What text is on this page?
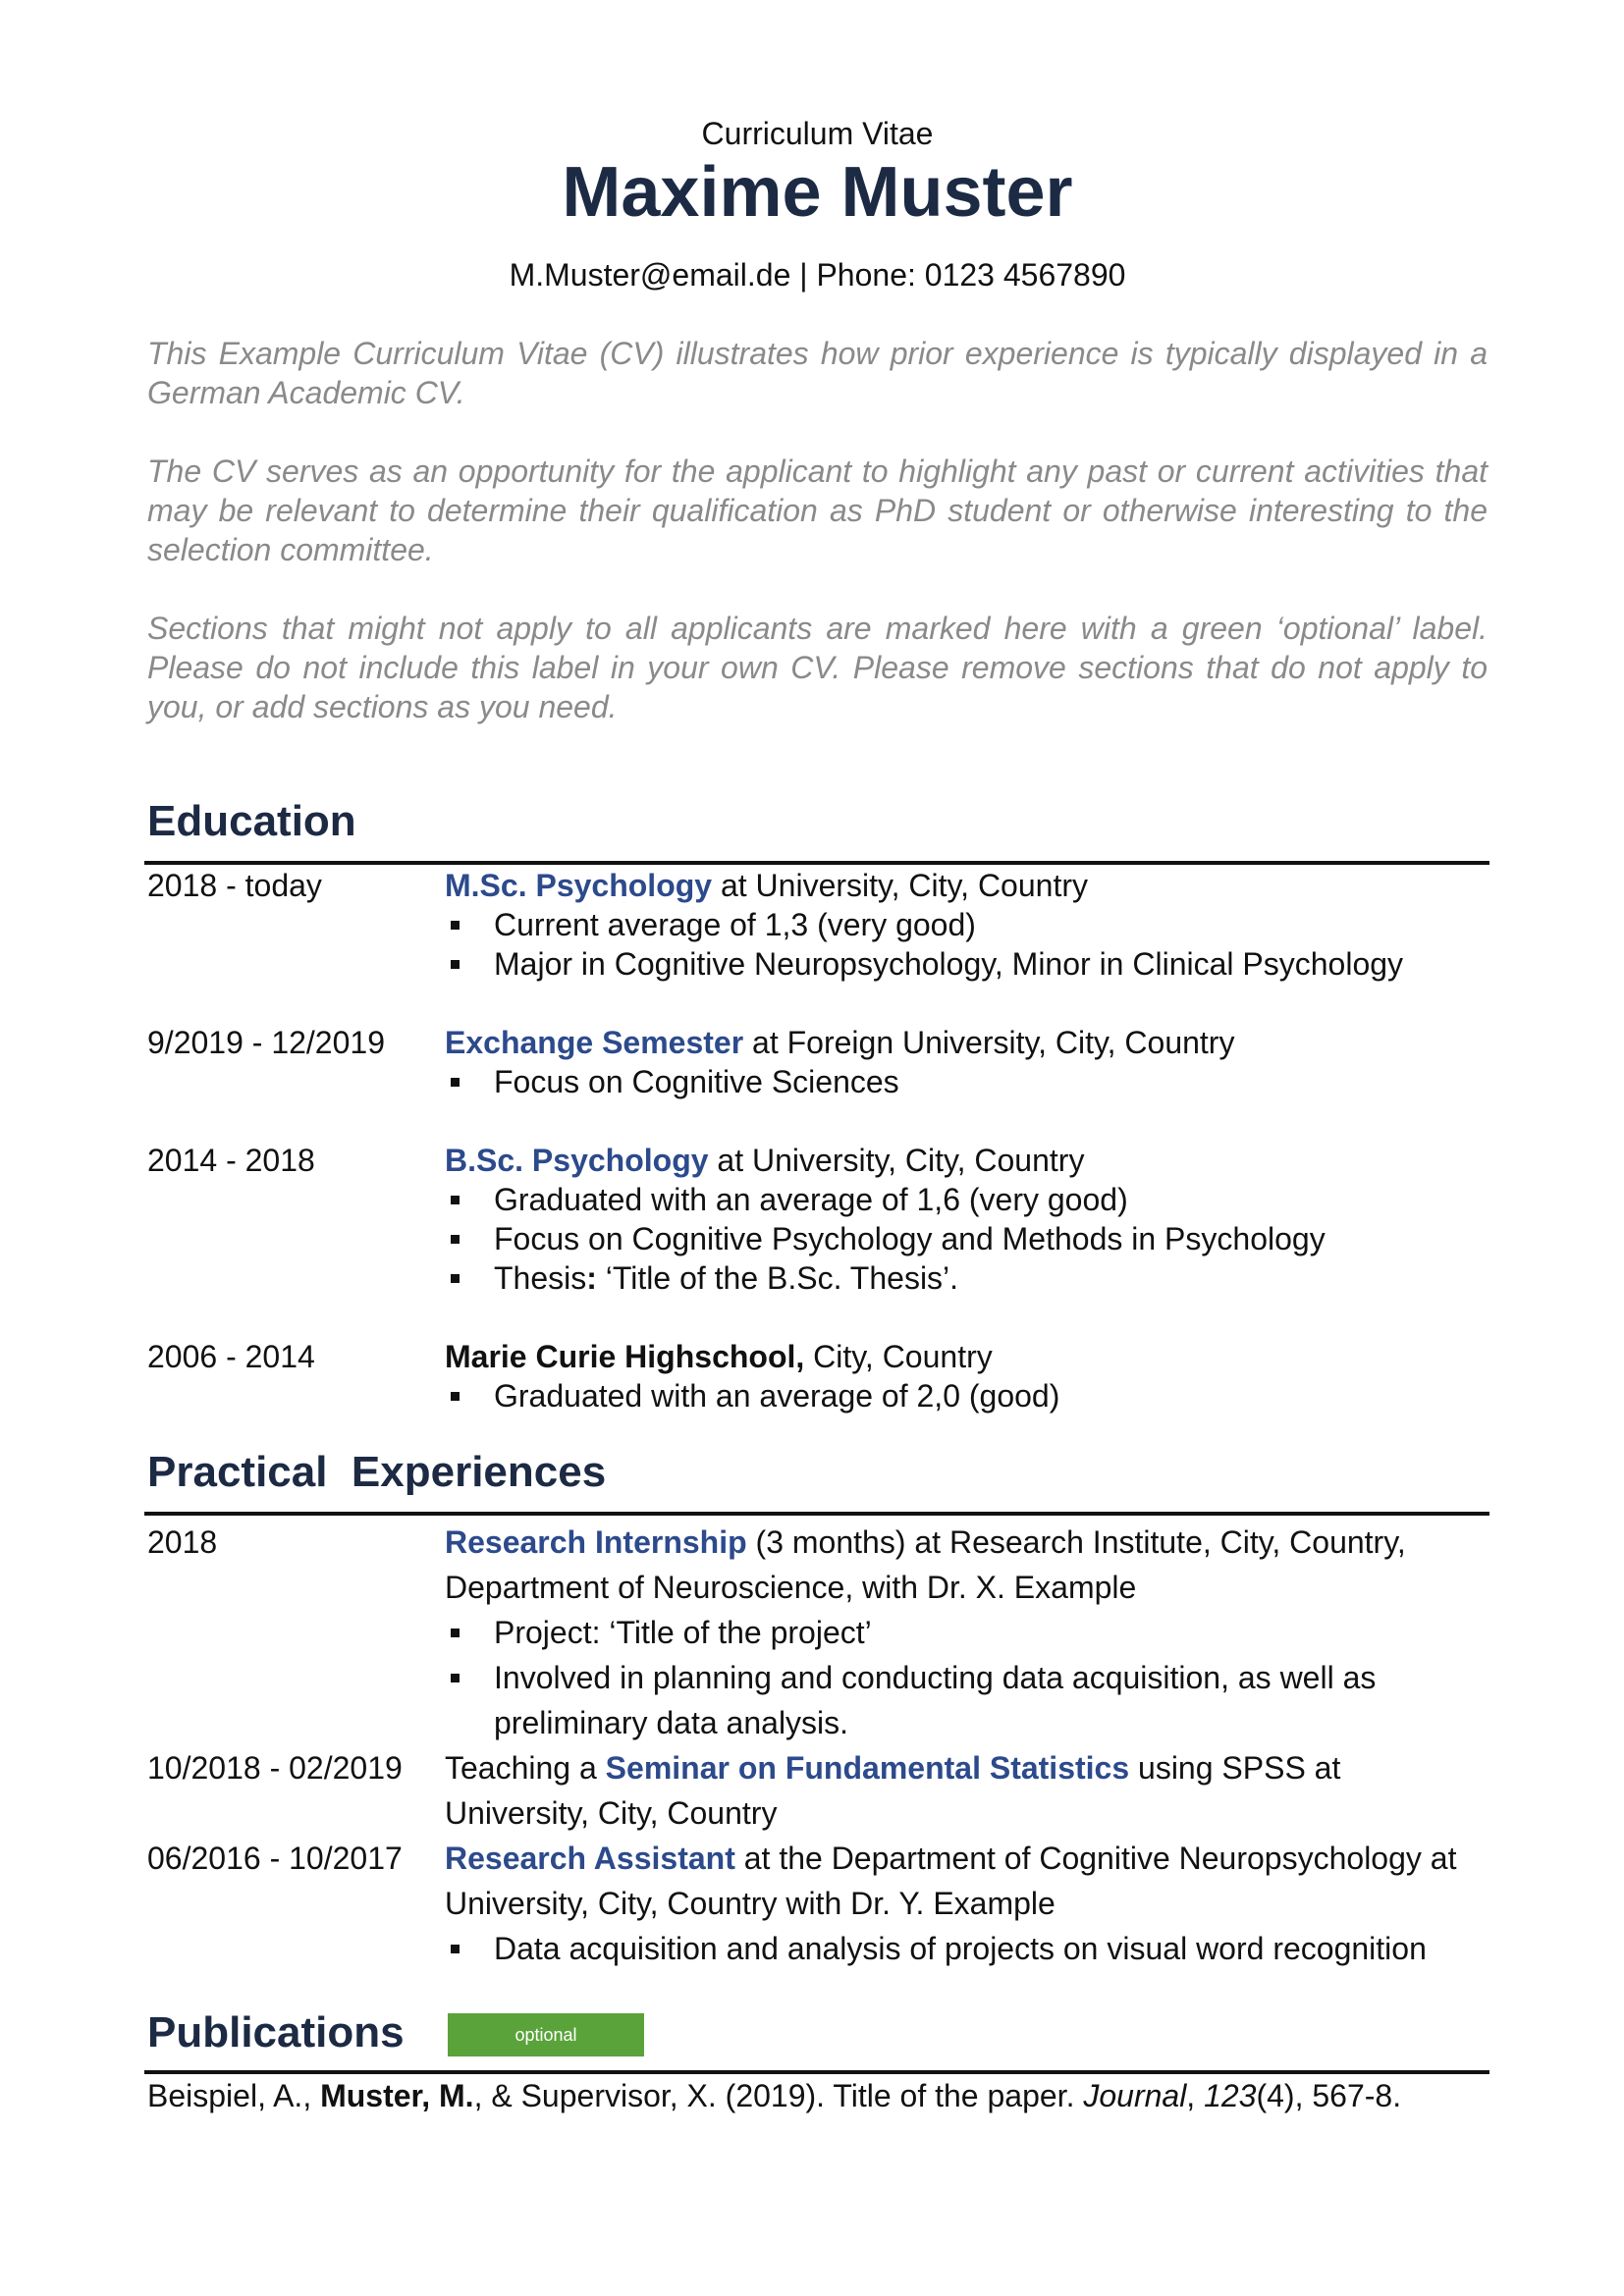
Curriculum Vitae
Maxime Muster
M.Muster@email.de | Phone: 0123 4567890
This Example Curriculum Vitae (CV) illustrates how prior experience is typically displayed in a German Academic CV.
The CV serves as an opportunity for the applicant to highlight any past or current activities that may be relevant to determine their qualification as PhD student or otherwise interesting to the selection committee.
Sections that might not apply to all applicants are marked here with a green ‘optional’ label. Please do not include this label in your own CV. Please remove sections that do not apply to you, or add sections as you need.
Education
2018 - today	M.Sc. Psychology at University, City, Country
Current average of 1,3 (very good)
Major in Cognitive Neuropsychology, Minor in Clinical Psychology
9/2019 - 12/2019	Exchange Semester at Foreign University, City, Country
Focus on Cognitive Sciences
2014 - 2018	B.Sc. Psychology at University, City, Country
Graduated with an average of 1,6 (very good)
Focus on Cognitive Psychology and Methods in Psychology
Thesis: ‘Title of the B.Sc. Thesis’.
2006 - 2014	Marie Curie Highschool, City, Country
Graduated with an average of 2,0 (good)
Practical  Experiences
2018	Research Internship (3 months) at Research Institute, City, Country, Department of Neuroscience, with Dr. X. Example
Project: ‘Title of the project’
Involved in planning and conducting data acquisition, as well as preliminary data analysis.
10/2018 - 02/2019	Teaching a Seminar on Fundamental Statistics using SPSS at University, City, Country
06/2016 - 10/2017	Research Assistant at the Department of Cognitive Neuropsychology at University, City, Country with Dr. Y. Example
Data acquisition and analysis of projects on visual word recognition
Publications	optional
Beispiel, A., Muster, M., & Supervisor, X. (2019). Title of the paper. Journal, 123(4), 567-8.
